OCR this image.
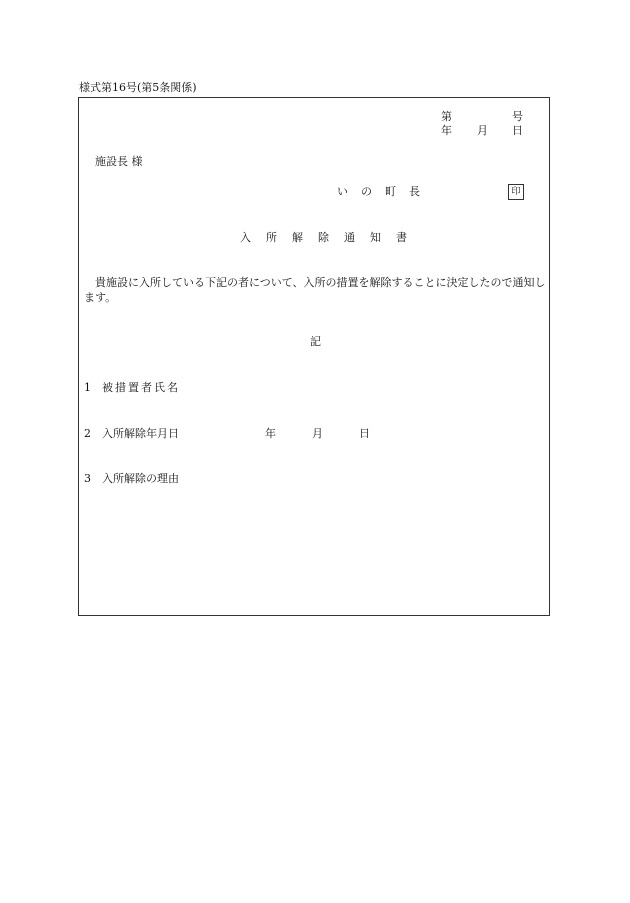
様式第16号(第5条関係)
第	号
年 月 日
施設長 様
い の 町 長	印
入 所 解 除 通 知 書
貴施設に入所している下記の者について、入所の措置を解除することに決定したので通知します。
記
1 被措置者氏名
2 入所解除年月日	年	月	日
3 入所解除の理由
